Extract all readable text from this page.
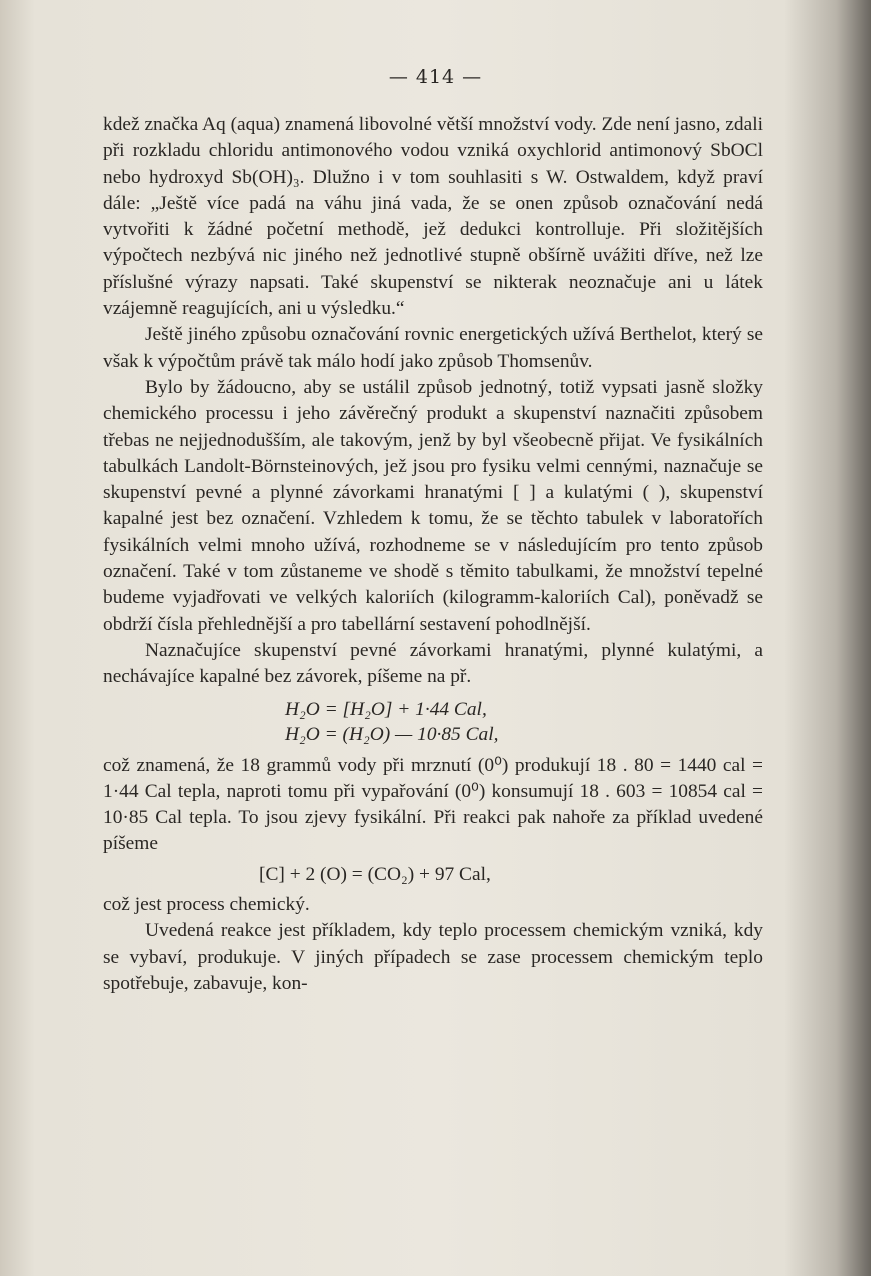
— 414 —

kdež značka Aq (aqua) znamená libovolné větší množství vody. Zde není jasno, zdali při rozkladu chloridu antimonového vodou vzniká oxychlorid antimonový SbOCl nebo hydroxyd Sb(OH)₃. Dlužno i v tom souhlasiti s W. Ostwaldem, když praví dále: „Ještě více padá na váhu jiná vada, že se onen způsob označování nedá vytvořiti k žádné početní methodě, jež dedukci kontrolluje. Při složitějších výpočtech nezbývá nic jiného než jednotlivé stupně obšírně uvážiti dříve, než lze příslušné výrazy napsati. Také skupenství se nikterak neoznačuje ani u látek vzájemně reagujících, ani u výsledku.“

Ještě jiného způsobu označování rovnic energetických užívá Berthelot, který se však k výpočtům právě tak málo hodí jako způsob Thomsenův.

Bylo by žádoucno, aby se ustálil způsob jednotný, totiž vypsati jasně složky chemického processu i jeho závěrečný produkt a skupenství naznačiti způsobem třebas ne nejjednodušším, ale takovým, jenž by byl všeobecně přijat. Ve fysikálních tabulkách Landolt-Börnsteinových, jež jsou pro fysiku velmi cennými, naznačuje se skupenství pevné a plynné závorkami hranatými [ ] a kulatými ( ), skupenství kapalné jest bez označení. Vzhledem k tomu, že se těchto tabulek v laboratořích fysikálních velmi mnoho užívá, rozhodneme se v následujícím pro tento způsob označení. Také v tom zůstaneme ve shodě s těmito tabulkami, že množství tepelné budeme vyjadřovati ve velkých kaloriích (kilogramm-kaloriích Cal), poněvadž se obdrží čísla přehlednější a pro tabellární sestavení pohodlnější.

Naznačujíce skupenství pevné závorkami hranatými, plynné kulatými, a nechávajíce kapalné bez závorek, píšeme na př.

H₂O = [H₂O] + 1·44 Cal,
H₂O = (H₂O) — 10·85 Cal,

což znamená, že 18 grammů vody při mrznutí (0⁰) produkují 18 . 80 = 1440 cal = 1·44 Cal tepla, naproti tomu při vypařování (0⁰) konsumují 18 . 603 = 10854 cal = 10·85 Cal tepla. To jsou zjevy fysikální. Při reakci pak nahoře za příklad uvedené píšeme

[C] + 2 (O) = (CO₂) + 97 Cal,

což jest process chemický.

Uvedená reakce jest příkladem, kdy teplo processem chemickým vzniká, kdy se vybaví, produkuje. V jiných případech se zase processem chemickým teplo spotřebuje, zabavuje, kon-
